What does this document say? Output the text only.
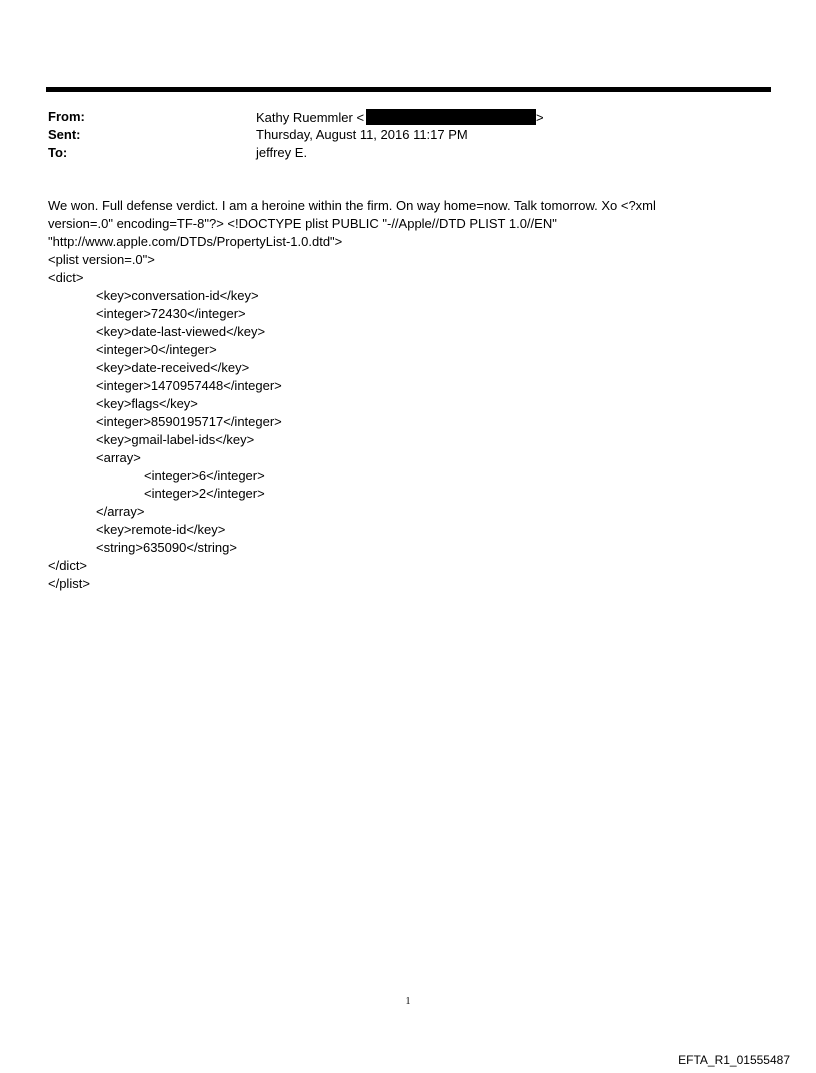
From:	Kathy Ruemmler <	>
Sent:	Thursday, August 11, 2016 11:17 PM
To:	jeffrey E.

We won. Full defense verdict. I am a heroine within the firm. On way home=now. Talk tomorrow. Xo <?xml

version=.0" encoding=TF-8"?> <!DOCTYPE plist PUBLIC "-//Apple//DTD PLIST 1.0//EN"

"http://www.apple.com/DTDs/PropertyList-1.0.dtd">

<plist version=.0">

<dict>

<key>conversation-id</key>

<integer>72430</integer>

<key>date-last-viewed</key>

<integer>0</integer>

<key>date-received</key>

<integer>1470957448</integer>

<key>flags</key>

<integer>8590195717</integer>

<key>gmail-label-ids</key>

<array>

<integer>6</integer>

<integer>2</integer>

</array>

<key>remote-id</key>

<string>635090</string>

</dict>

</plist>

1
EFTA_R1_01555487
